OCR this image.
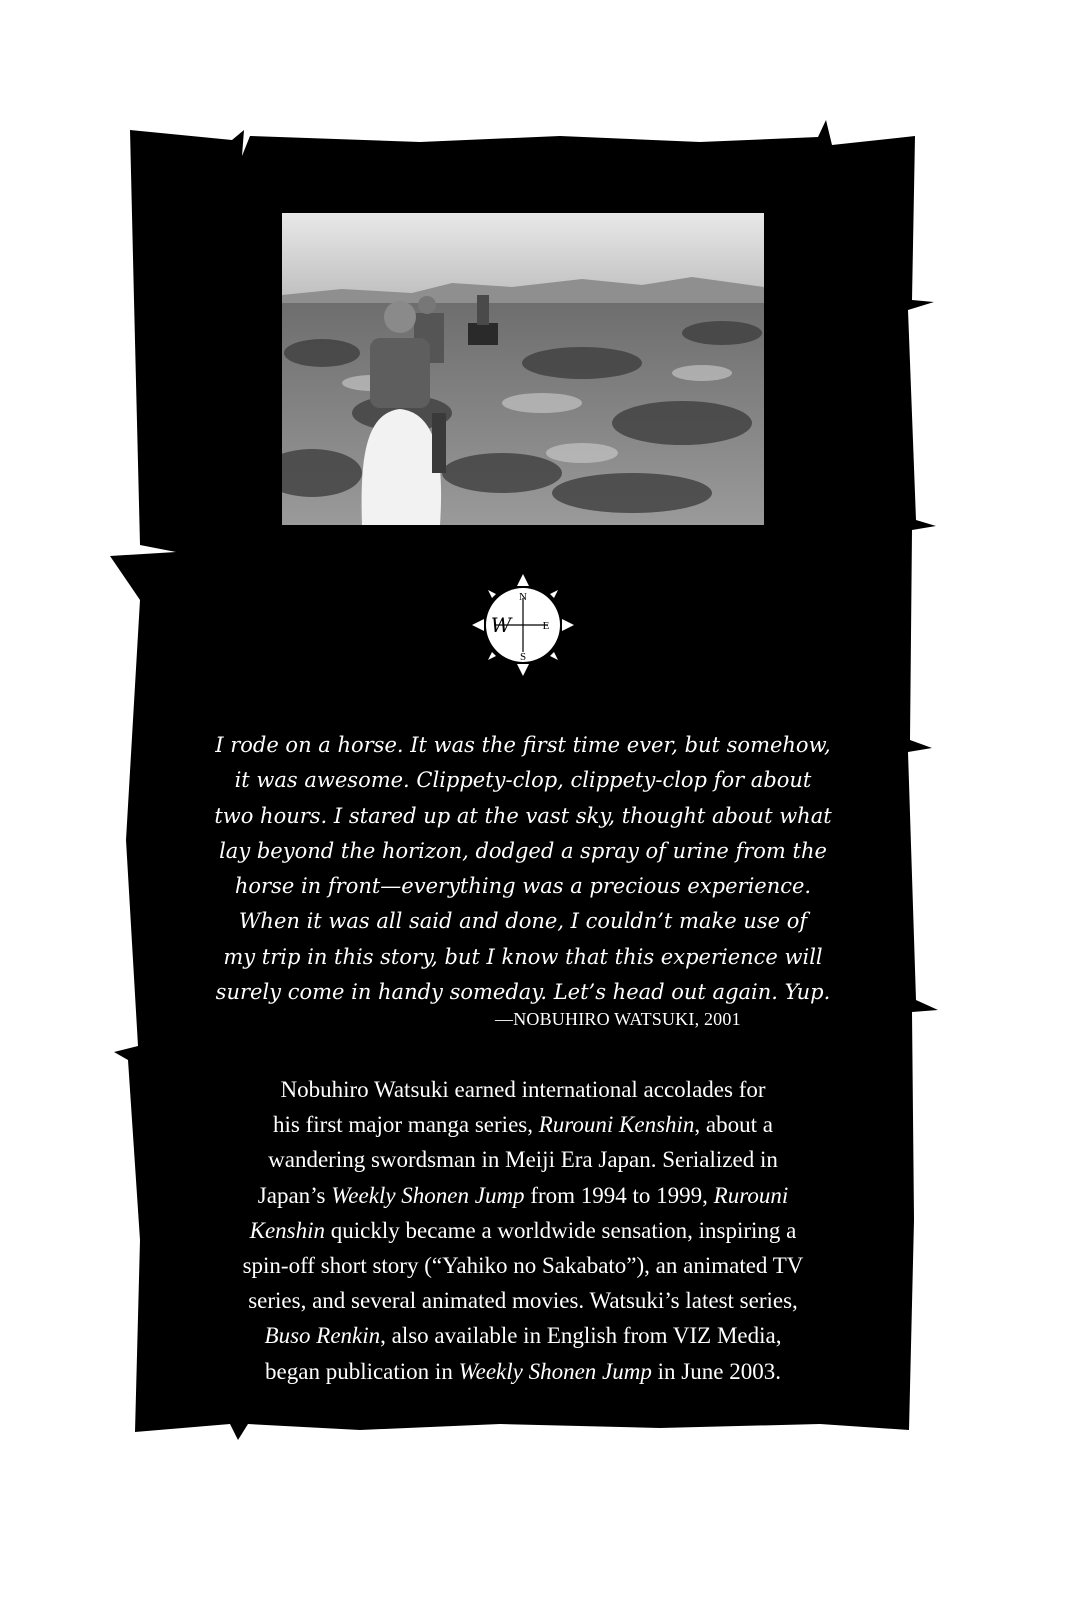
N
E
S
W

I rode on a horse. It was the first time ever, but somehow,

it was awesome. Clippety-clop, clippety-clop for about

two hours. I stared up at the vast sky, thought about what

lay beyond the horizon, dodged a spray of urine from the

horse in front—everything was a precious experience.

When it was all said and done, I couldn’t make use of

my trip in this story, but I know that this experience will

surely come in handy someday. Let’s head out again. Yup.

—NOBUHIRO WATSUKI, 2001

Nobuhiro Watsuki earned international accolades for

his first major manga series, Rurouni Kenshin, about a

wandering swordsman in Meiji Era Japan. Serialized in

Japan’s Weekly Shonen Jump from 1994 to 1999, Rurouni

Kenshin quickly became a worldwide sensation, inspiring a

spin-off short story (“Yahiko no Sakabato”), an animated TV

series, and several animated movies. Watsuki’s latest series,

Buso Renkin, also available in English from VIZ Media,

began publication in Weekly Shonen Jump in June 2003.
